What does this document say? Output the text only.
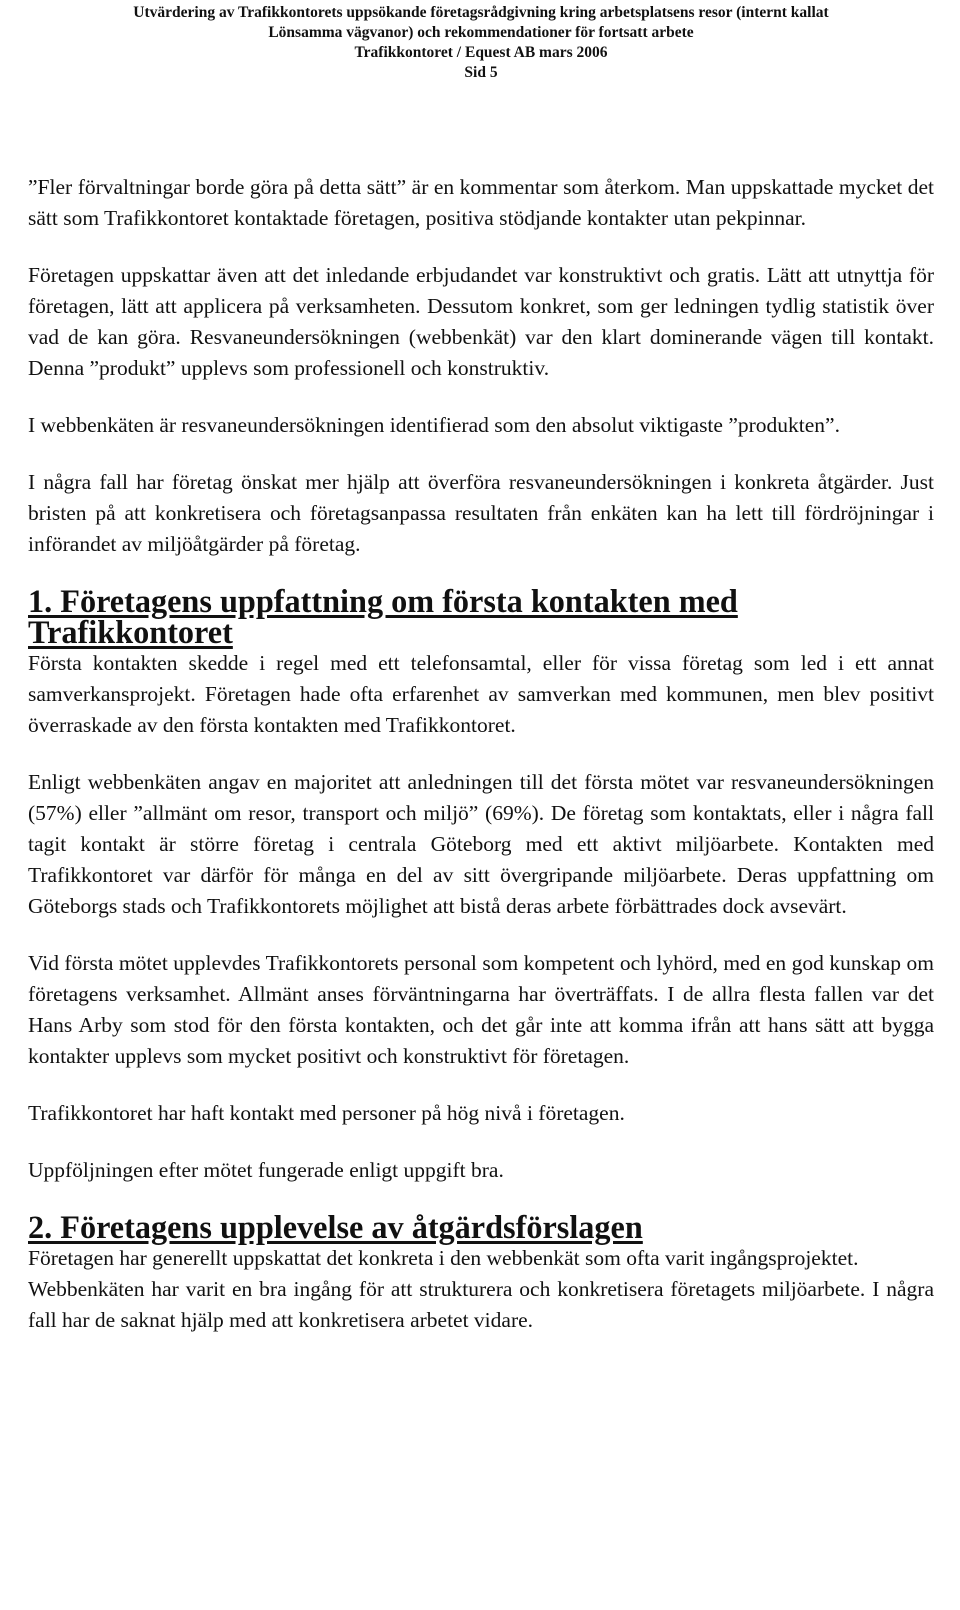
Utvärdering av Trafikkontorets uppsökande företagsrådgivning kring arbetsplatsens resor (internt kallat
Lönsamma vägvanor) och rekommendationer för fortsatt arbete
Trafikkontoret / Equest AB mars 2006
Sid 5

”Fler förvaltningar borde göra på detta sätt” är en kommentar som återkom. Man uppskattade mycket det sätt som Trafikkontoret kontaktade företagen, positiva stödjande kontakter utan pekpinnar.

Företagen uppskattar även att det inledande erbjudandet var konstruktivt och gratis. Lätt att utnyttja för företagen, lätt att applicera på verksamheten. Dessutom konkret, som ger ledningen tydlig statistik över vad de kan göra. Resvaneundersökningen (webbenkät) var den klart dominerande vägen till kontakt. Denna ”produkt” upplevs som professionell och konstruktiv.

I webbenkäten är resvaneundersökningen identifierad som den absolut viktigaste ”produkten”.

I några fall har företag önskat mer hjälp att överföra resvaneundersökningen i konkreta åtgärder. Just bristen på att konkretisera och företagsanpassa resultaten från enkäten kan ha lett till fördröjningar i införandet av miljöåtgärder på företag.

1. Företagens uppfattning om första kontakten med Trafikkontoret

Första kontakten skedde i regel med ett telefonsamtal, eller för vissa företag som led i ett annat samverkansprojekt. Företagen hade ofta erfarenhet av samverkan med kommunen, men blev positivt överraskade av den första kontakten med Trafikkontoret.

Enligt webbenkäten angav en majoritet att anledningen till det första mötet var resvaneundersökningen (57%) eller ”allmänt om resor, transport och miljö” (69%). De företag som kontaktats, eller i några fall tagit kontakt är större företag i centrala Göteborg med ett aktivt miljöarbete. Kontakten med Trafikkontoret var därför för många en del av sitt övergripande miljöarbete. Deras uppfattning om Göteborgs stads och Trafikkontorets möjlighet att bistå deras arbete förbättrades dock avsevärt.

Vid första mötet upplevdes Trafikkontorets personal som kompetent och lyhörd, med en god kunskap om företagens verksamhet. Allmänt anses förväntningarna har överträffats. I de allra flesta fallen var det Hans Arby som stod för den första kontakten, och det går inte att komma ifrån att hans sätt att bygga kontakter upplevs som mycket positivt och konstruktivt för företagen.

Trafikkontoret har haft kontakt med personer på hög nivå i företagen.

Uppföljningen efter mötet fungerade enligt uppgift bra.

2. Företagens upplevelse av åtgärdsförslagen

Företagen har generellt uppskattat det konkreta i den webbenkät som ofta varit ingångsprojektet.

Webbenkäten har varit en bra ingång för att strukturera och konkretisera företagets miljöarbete. I några fall har de saknat hjälp med att konkretisera arbetet vidare.
